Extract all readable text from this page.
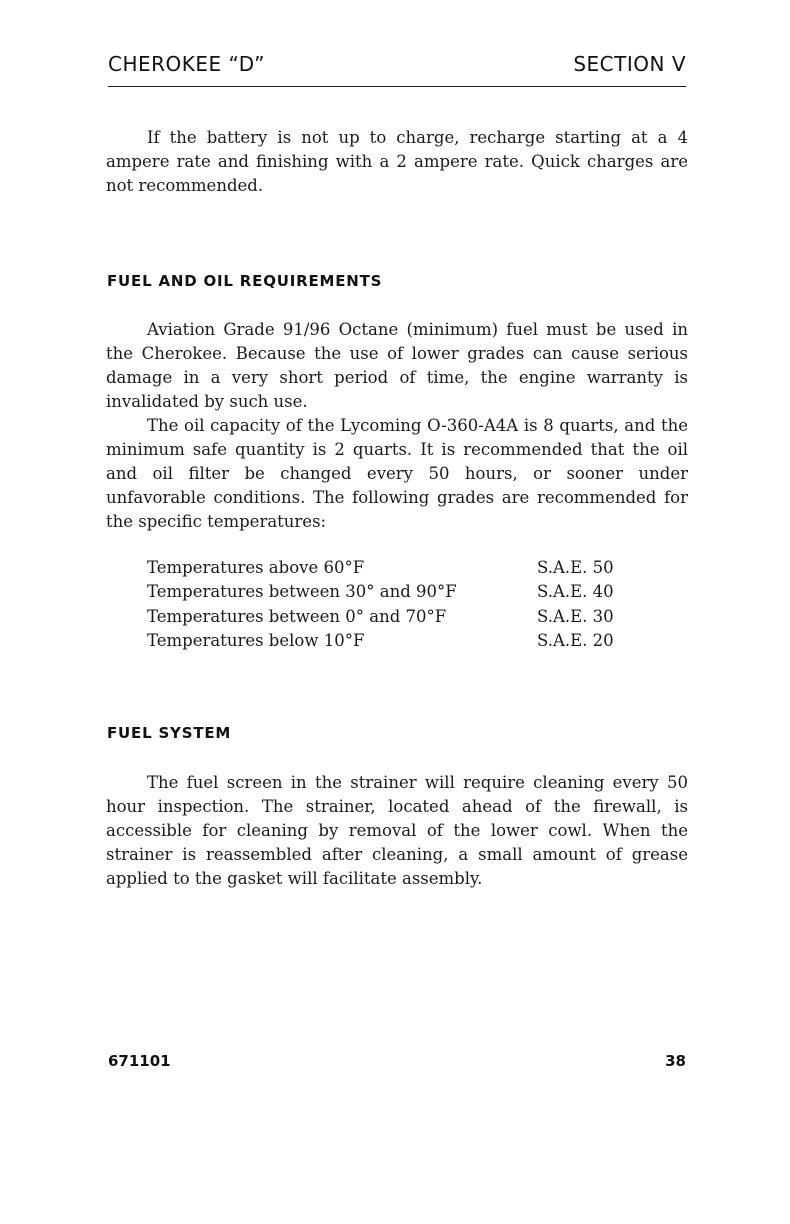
CHEROKEE “D”	SECTION V

If the battery is not up to charge, recharge starting at a 4 ampere rate and finishing with a 2 ampere rate. Quick charges are not recommended.

FUEL AND OIL REQUIREMENTS

Aviation Grade 91/96 Octane (minimum) fuel must be used in the Cherokee. Because the use of lower grades can cause serious damage in a very short period of time, the engine warranty is invalidated by such use.

The oil capacity of the Lycoming O-360-A4A is 8 quarts, and the minimum safe quantity is 2 quarts. It is recommended that the oil and oil filter be changed every 50 hours, or sooner under unfavorable conditions. The following grades are recommended for the specific temperatures:

Temperatures above 60°F	S.A.E. 50
Temperatures between 30° and 90°F	S.A.E. 40
Temperatures between 0° and 70°F	S.A.E. 30
Temperatures below 10°F	S.A.E. 20
FUEL SYSTEM

The fuel screen in the strainer will require cleaning every 50 hour inspection. The strainer, located ahead of the firewall, is accessible for cleaning by removal of the lower cowl. When the strainer is reassembled after cleaning, a small amount of grease applied to the gasket will facilitate assembly.

671101	38
